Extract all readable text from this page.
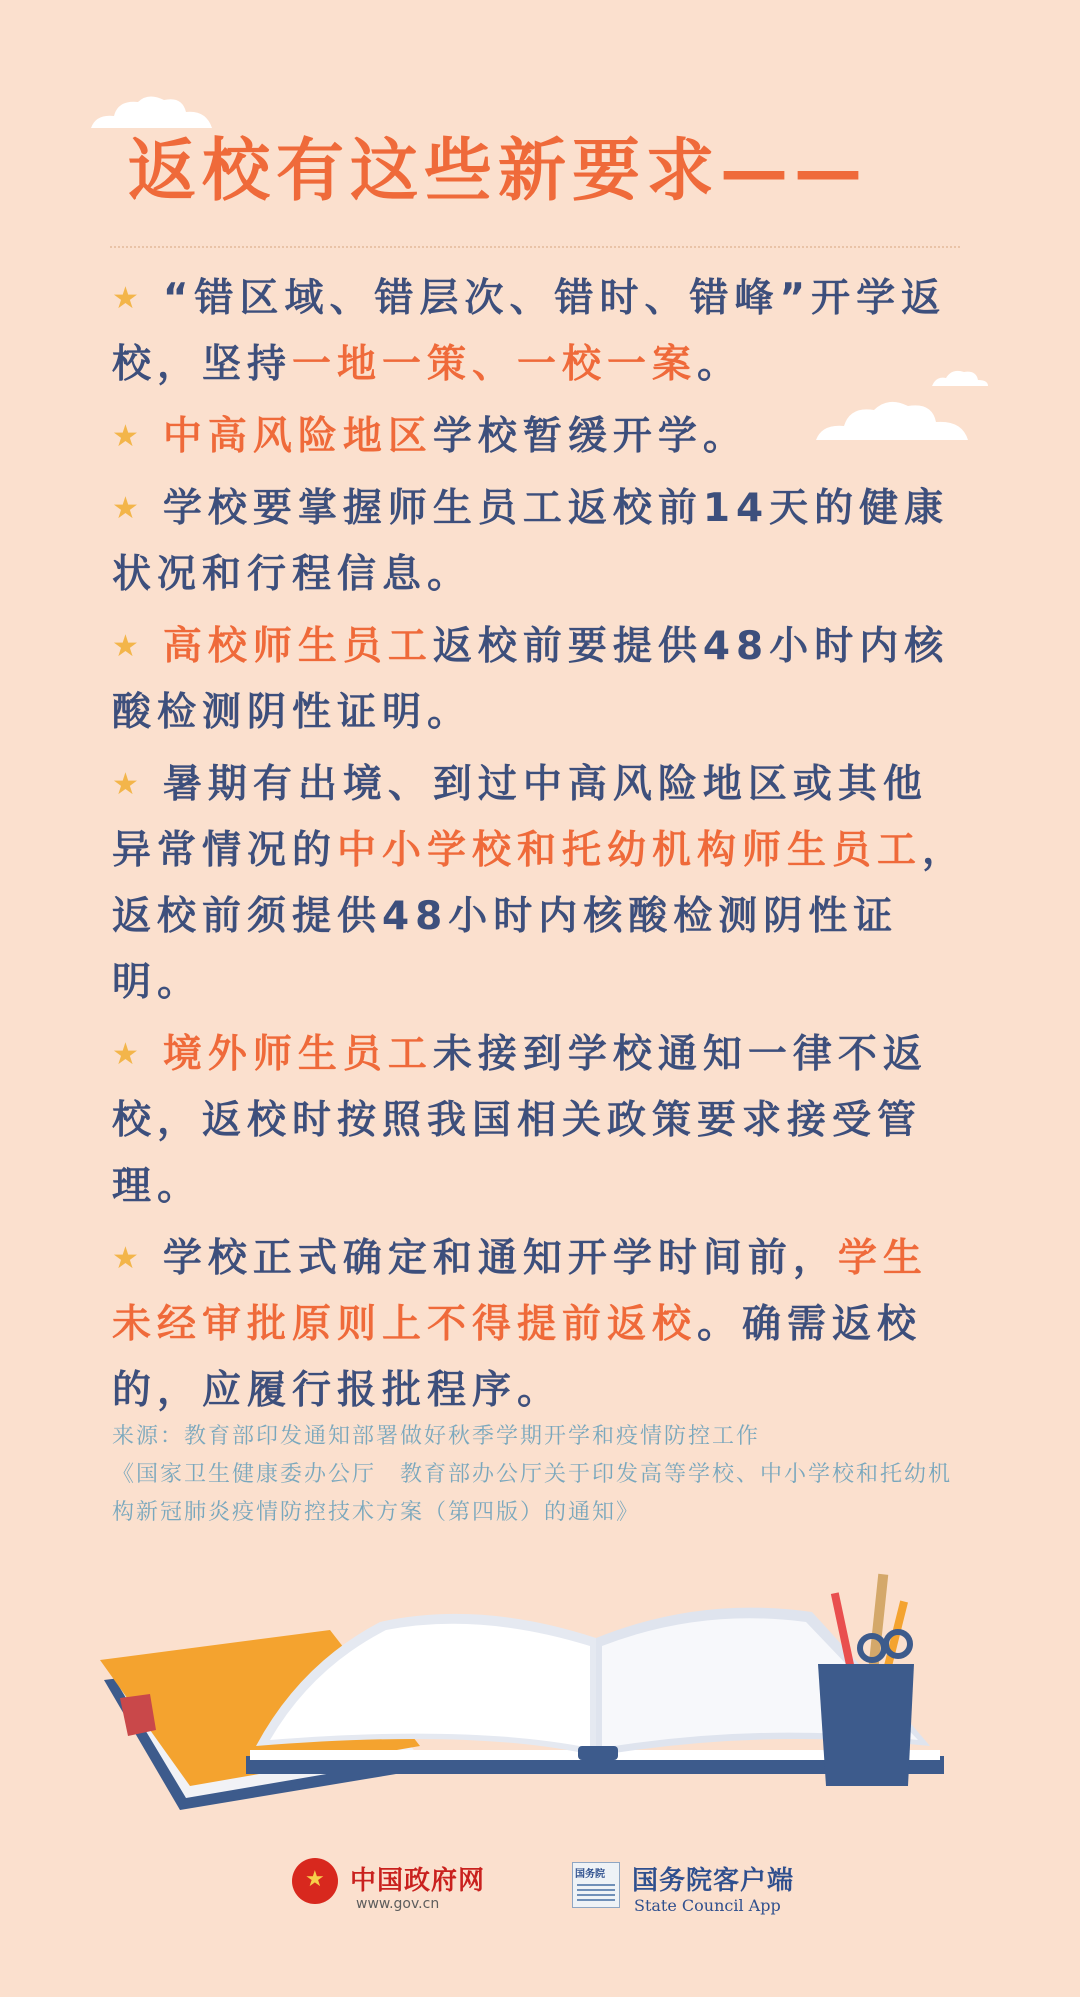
返校有这些新要求——
★ “错区域、错层次、错时、错峰”开学返校，坚持一地一策、一校一案。
★ 中高风险地区学校暂缓开学。
★ 学校要掌握师生员工返校前14天的健康状况和行程信息。
★ 高校师生员工返校前要提供48小时内核酸检测阴性证明。
★ 暑期有出境、到过中高风险地区或其他异常情况的中小学校和托幼机构师生员工，返校前须提供48小时内核酸检测阴性证明。
★ 境外师生员工未接到学校通知一律不返校，返校时按照我国相关政策要求接受管理。
★ 学校正式确定和通知开学时间前，学生未经审批原则上不得提前返校。确需返校的，应履行报批程序。
来源：教育部印发通知部署做好秋季学期开学和疫情防控工作
《国家卫生健康委办公厅　教育部办公厅关于印发高等学校、中小学校和托幼机构新冠肺炎疫情防控技术方案（第四版）的通知》
★ 中国政府网
www.gov.cn
国务院 国务院客户端
State Council App
